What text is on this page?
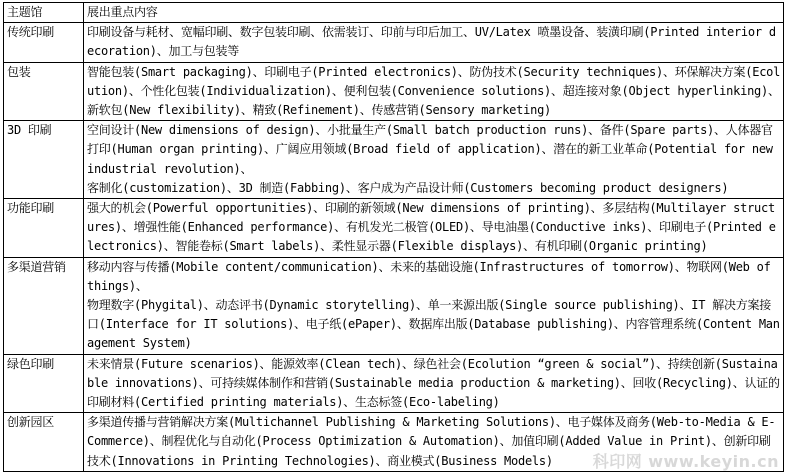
主题馆	展出重点内容
传统印刷	印刷设备与耗材、宽幅印刷、数字包装印刷、依需装订、印前与印后加工、UV/Latex 喷墨设备、装潢印刷(Printed interior decoration)、加工与包装等

包装	智能包装(Smart packaging)、印刷电子(Printed electronics)、防伪技术(Security techniques)、环保解决方案(Ecolution)、个性化包装(Individualization)、便利包装(Convenience solutions)、超连接对象(Object hyperlinking)、新软包(New flexibility)、精致(Refinement)、传感营销(Sensory marketing)

3D 印刷	空间设计(New dimensions of design)、小批量生产(Small batch production runs)、备件(Spare parts)、人体器官打印(Human organ printing)、广阔应用领域(Broad field of application)、潜在的新工业革命(Potential for new industrial revolution)、
客制化(customization)、3D 制造(Fabbing)、客户成为产品设计师(Customers becoming product designers)

功能印刷	强大的机会(Powerful opportunities)、印刷的新领域(New dimensions of printing)、多层结构(Multilayer structures)、增强性能(Enhanced performance)、有机发光二极管(OLED)、导电油墨(Conductive inks)、印刷电子(Printed electronics)、智能卷标(Smart labels)、柔性显示器(Flexible displays)、有机印刷(Organic printing)

多渠道营销	移动内容与传播(Mobile content/communication)、未来的基础设施(Infrastructures of tomorrow)、物联网(Web of things)、
物理数字(Phygital)、动态评书(Dynamic storytelling)、单一来源出版(Single source publishing)、IT 解决方案接口(Interface for IT solutions)、电子纸(ePaper)、数据库出版(Database publishing)、内容管理系统(Content Management System)

绿色印刷	未来情景(Future scenarios)、能源效率(Clean tech)、绿色社会(Ecolution “green & social”)、持续创新(Sustainable innovations)、可持续媒体制作和营销(Sustainable media production & marketing)、回收(Recycling)、认证的印刷材料(Certified printing materials)、生态标签(Eco-labeling)

创新园区	多渠道传播与营销解决方案(Multichannel Publishing & Marketing Solutions)、电子媒体及商务(Web-to-Media & E-Commerce)、制程优化与自动化(Process Optimization & Automation)、加值印刷(Added Value in Print)、创新印刷技术(Innovations in Printing Technologies)、商业模式(Business Models)	科印网 www.keyin.cn
